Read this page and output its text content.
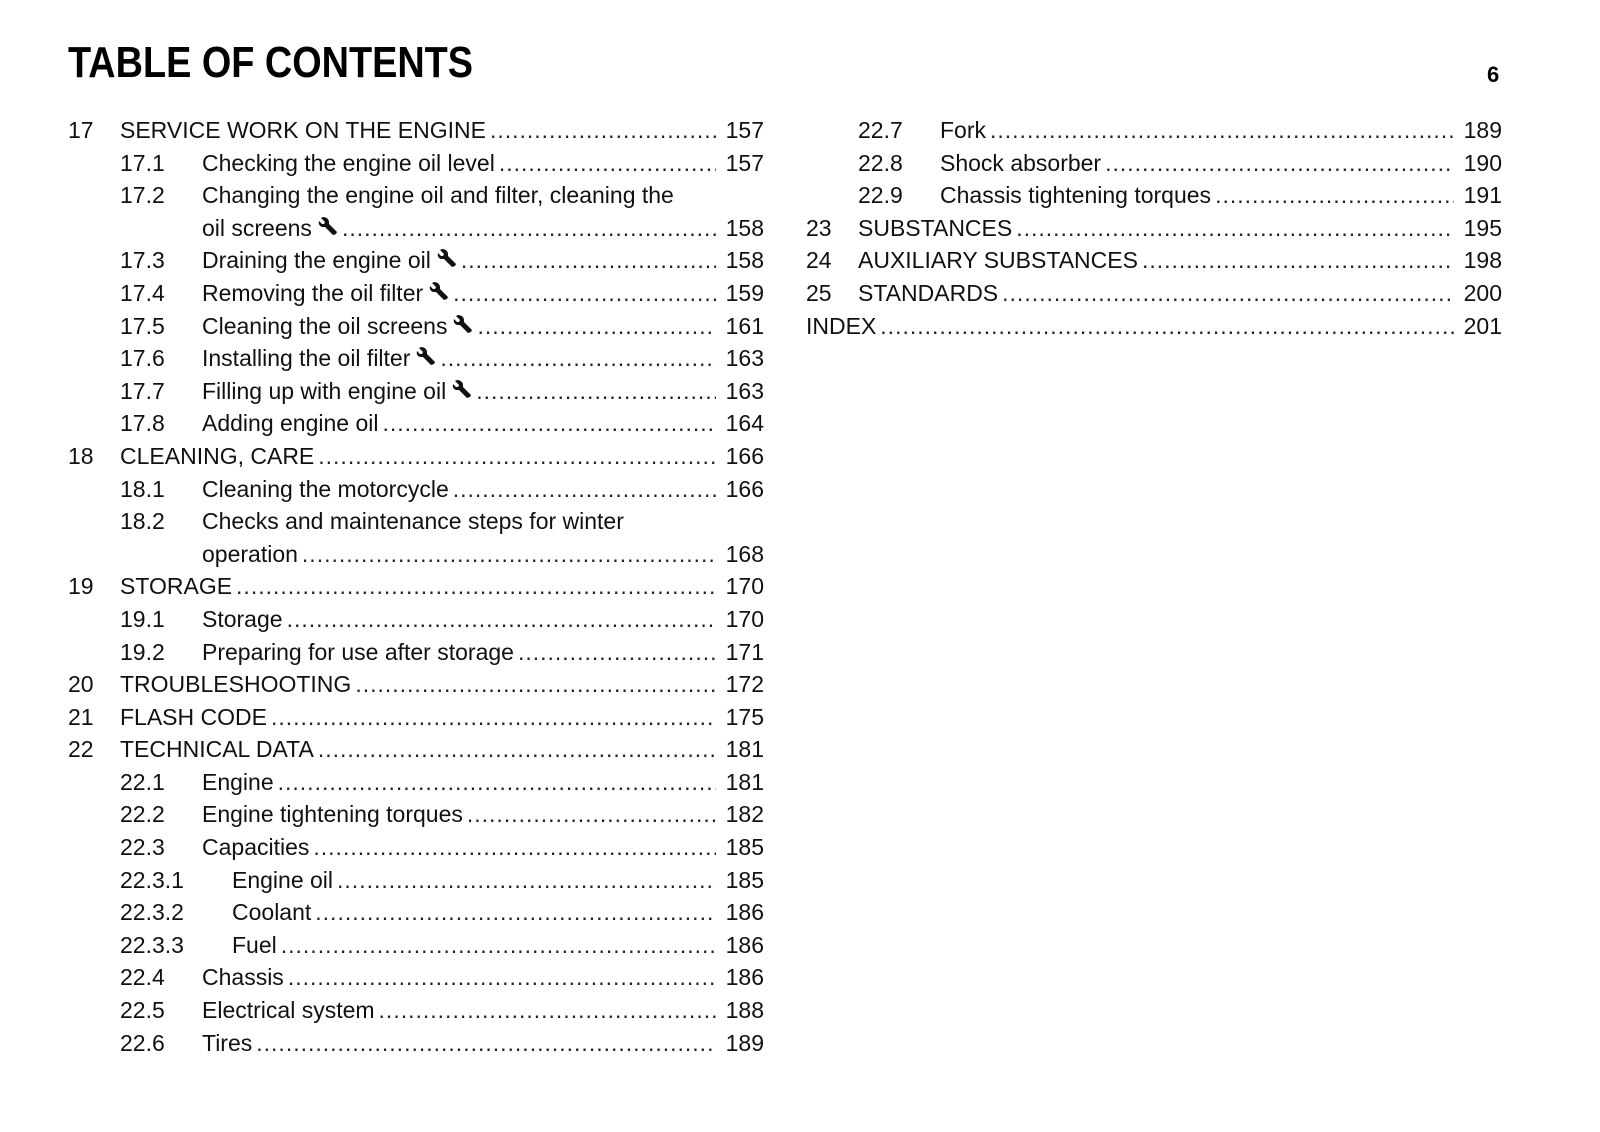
TABLE OF CONTENTS	6
17	SERVICE WORK ON THE ENGINE .....	157
17.1	Checking the engine oil level .....	157
17.2	Changing the engine oil and filter, cleaning the
oil screens .....	158
17.3	Draining the engine oil .....	158
17.4	Removing the oil filter .....	159
17.5	Cleaning the oil screens .....	161
17.6	Installing the oil filter .....	163
17.7	Filling up with engine oil .....	163
17.8	Adding engine oil .....	164
18	CLEANING, CARE .....	166
18.1	Cleaning the motorcycle .....	166
18.2	Checks and maintenance steps for winter
operation .....	168
19	STORAGE .....	170
19.1	Storage .....	170
19.2	Preparing for use after storage .....	171
20	TROUBLESHOOTING .....	172
21	FLASH CODE .....	175
22	TECHNICAL DATA .....	181
22.1	Engine .....	181
22.2	Engine tightening torques .....	182
22.3	Capacities .....	185
22.3.1	Engine oil .....	185
22.3.2	Coolant .....	186
22.3.3	Fuel .....	186
22.4	Chassis .....	186
22.5	Electrical system .....	188
22.6	Tires .....	189
22.7	Fork .....	189
22.8	Shock absorber .....	190
22.9	Chassis tightening torques .....	191
23	SUBSTANCES .....	195
24	AUXILIARY SUBSTANCES .....	198
25	STANDARDS .....	200
INDEX .....	201
